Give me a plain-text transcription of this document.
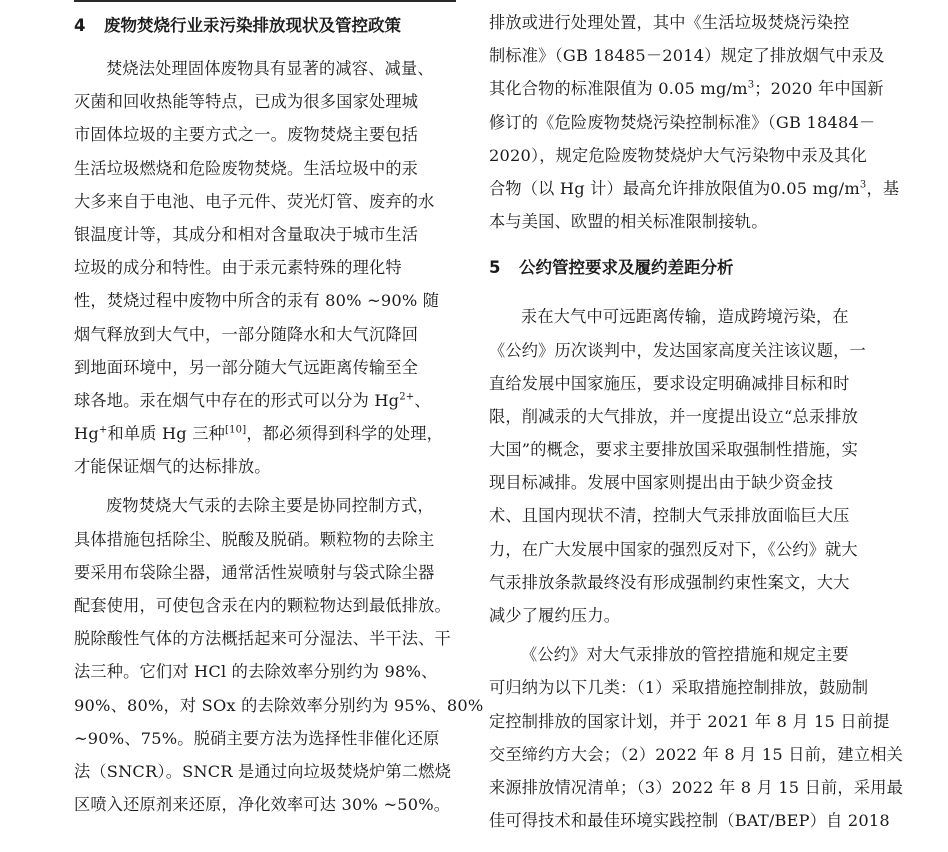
4 废物焚烧行业汞污染排放现状及管控政策
焚烧法处理固体废物具有显著的减容、减量、
灭菌和回收热能等特点，已成为很多国家处理城
市固体垃圾的主要方式之一。废物焚烧主要包括
生活垃圾燃烧和危险废物焚烧。生活垃圾中的汞
大多来自于电池、电子元件、荧光灯管、废弃的水
银温度计等，其成分和相对含量取决于城市生活
垃圾的成分和特性。由于汞元素特殊的理化特
性，焚烧过程中废物中所含的汞有 80% ~90% 随
烟气释放到大气中，一部分随降水和大气沉降回
到地面环境中，另一部分随大气远距离传输至全
球各地。汞在烟气中存在的形式可以分为 $Hg^{2+}$、
Hg+和单质 Hg 三种[10]，都必须得到科学的处理，
才能保证烟气的达标排放。
废物焚烧大气汞的去除主要是协同控制方式，
具体措施包括除尘、脱酸及脱硝。颗粒物的去除主
要采用布袋除尘器，通常活性炭喷射与袋式除尘器
配套使用，可使包含汞在内的颗粒物达到最低排放。
脱除酸性气体的方法概括起来可分湿法、半干法、干
法三种。它们对 HCl 的去除效率分别约为 98%、
90%、80%，对 SOx 的去除效率分别约为 95%、80%
~90%、75%。脱硝主要方法为选择性非催化还原
法（SNCR）。SNCR 是通过向垃圾焚烧炉第二燃烧
区喷入还原剂来还原，净化效率可达 30% ~50%。
排放或进行处理处置，其中《生活垃圾焚烧污染控
制标准》（GB 18485－2014）规定了排放烟气中汞及
其化合物的标准限值为 0.05 $mg/m^3$；2020 年中国新
修订的《危险废物焚烧污染控制标准》（GB 18484－
2020），规定危险废物焚烧炉大气污染物中汞及其化
合物（以 Hg 计）最高允许排放限值为0.05 $mg/m^3$，基
本与美国、欧盟的相关标准限制接轨。
5 公约管控要求及履约差距分析
汞在大气中可远距离传输，造成跨境污染，在
《公约》历次谈判中，发达国家高度关注该议题，一
直给发展中国家施压，要求设定明确减排目标和时
限，削减汞的大气排放，并一度提出设立“总汞排放
大国”的概念，要求主要排放国采取强制性措施，实
现目标减排。发展中国家则提出由于缺少资金技
术、且国内现状不清，控制大气汞排放面临巨大压
力，在广大发展中国家的强烈反对下，《公约》就大
气汞排放条款最终没有形成强制约束性案文，大大
减少了履约压力。
《公约》对大气汞排放的管控措施和规定主要
可归纳为以下几类：（1）采取措施控制排放，鼓励制
定控制排放的国家计划，并于 2021 年 8 月 15 日前提
交至缔约方大会；（2）2022 年 8 月 15 日前，建立相关
来源排放情况清单；（3）2022 年 8 月 15 日前，采用最
佳可得技术和最佳环境实践控制（BAT/BEP）自 2018
